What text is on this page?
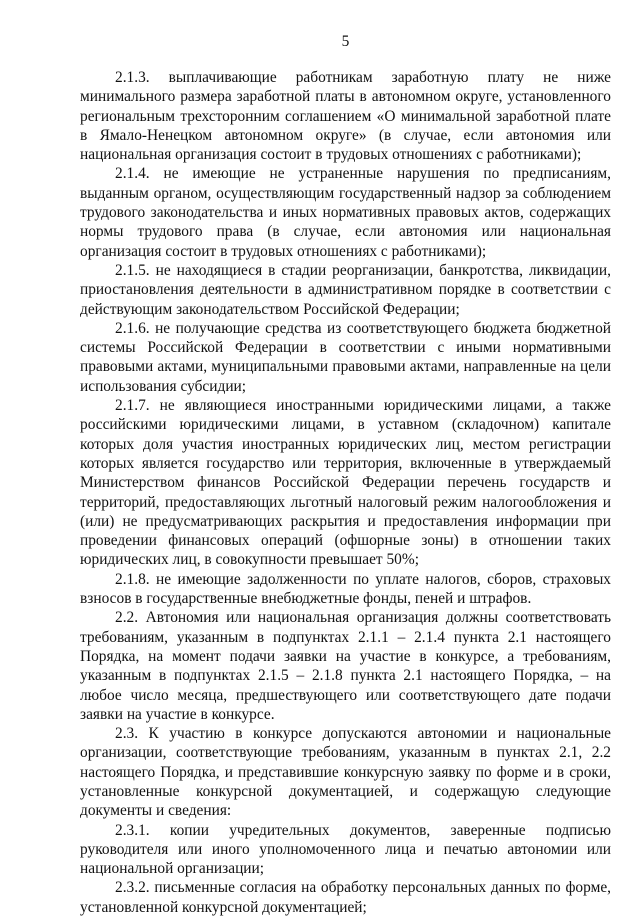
5

2.1.3. выплачивающие работникам заработную плату не ниже минимального размера заработной платы в автономном округе, установленного региональным трехсторонним соглашением «О минимальной заработной плате в Ямало-Ненецком автономном округе» (в случае, если автономия или национальная организация состоит в трудовых отношениях с работниками);

2.1.4. не имеющие не устраненные нарушения по предписаниям, выданным органом, осуществляющим государственный надзор за соблюдением трудового законодательства и иных нормативных правовых актов, содержащих нормы трудового права (в случае, если автономия или национальная организация состоит в трудовых отношениях с работниками);

2.1.5. не находящиеся в стадии реорганизации, банкротства, ликвидации, приостановления деятельности в административном порядке в соответствии с действующим законодательством Российской Федерации;

2.1.6. не получающие средства из соответствующего бюджета бюджетной системы Российской Федерации в соответствии с иными нормативными правовыми актами, муниципальными правовыми актами, направленные на цели использования субсидии;

2.1.7. не являющиеся иностранными юридическими лицами, а также российскими юридическими лицами, в уставном (складочном) капитале которых доля участия иностранных юридических лиц, местом регистрации которых является государство или территория, включенные в утверждаемый Министерством финансов Российской Федерации перечень государств и территорий, предоставляющих льготный налоговый режим налогообложения и (или) не предусматривающих раскрытия и предоставления информации при проведении финансовых операций (офшорные зоны) в отношении таких юридических лиц, в совокупности превышает 50%;

2.1.8. не имеющие задолженности по уплате налогов, сборов, страховых взносов в государственные внебюджетные фонды, пеней и штрафов.

2.2. Автономия или национальная организация должны соответствовать требованиям, указанным в подпунктах 2.1.1 – 2.1.4 пункта 2.1 настоящего Порядка, на момент подачи заявки на участие в конкурсе, а требованиям, указанным в подпунктах 2.1.5 – 2.1.8 пункта 2.1 настоящего Порядка, – на любое число месяца, предшествующего или соответствующего дате подачи заявки на участие в конкурсе.

2.3. К участию в конкурсе допускаются автономии и национальные организации, соответствующие требованиям, указанным в пунктах 2.1, 2.2 настоящего Порядка, и представившие конкурсную заявку по форме и в сроки, установленные конкурсной документацией, и содержащую следующие документы и сведения:

2.3.1. копии учредительных документов, заверенные подписью руководителя или иного уполномоченного лица и печатью автономии или национальной организации;

2.3.2. письменные согласия на обработку персональных данных по форме, установленной конкурсной документацией;
